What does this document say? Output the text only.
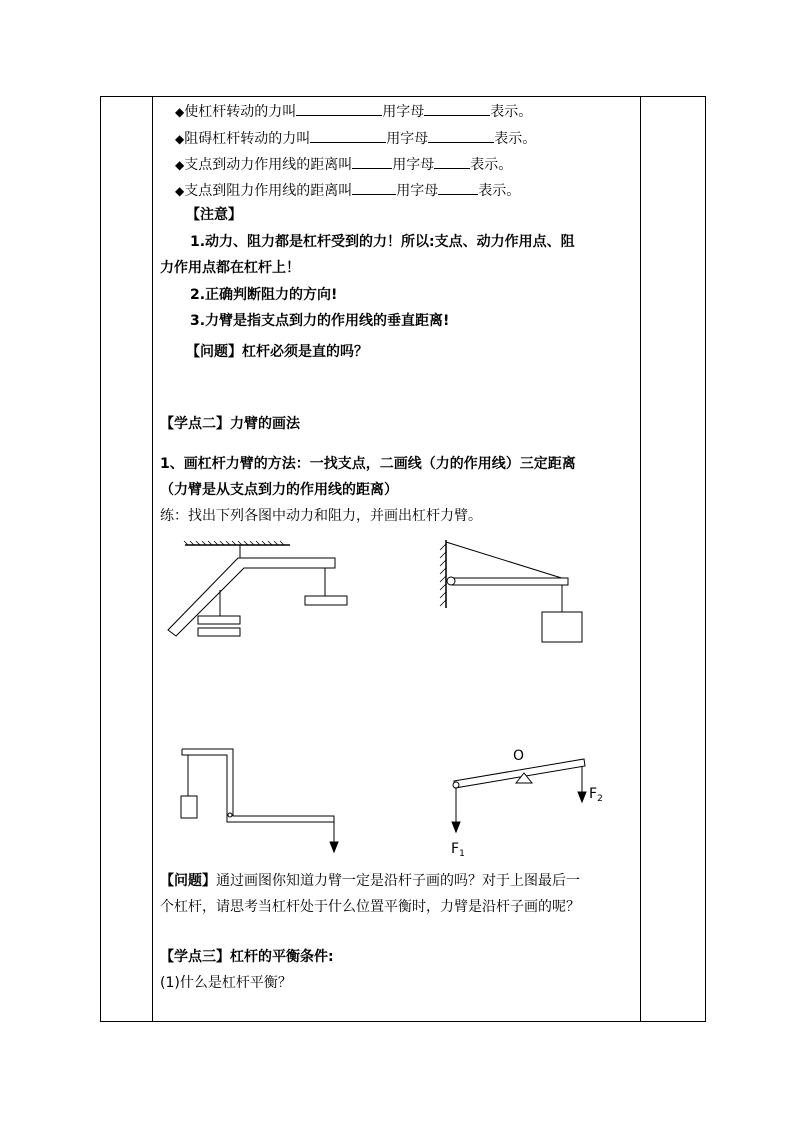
◆使杠杆转动的力叫	用字母	表示。
◆阻碍杠杆转动的力叫	用字母	表示。
◆支点到动力作用线的距离叫	用字母	表示。
◆支点到阻力作用线的距离叫	用字母	表示。
【注意】
1.动力、阻力都是杠杆受到的力！所以:支点、动力作用点、阻
力作用点都在杠杆上！
2.正确判断阻力的方向!
3.力臂是指支点到力的作用线的垂直距离!
【问题】杠杆必须是直的吗？
【学点二】力臂的画法
1、画杠杆力臂的方法：一找支点，二画线（力的作用线）三定距离
（力臂是从支点到力的作用线的距离）
练：找出下列各图中动力和阻力，并画出杠杆力臂。
O
$F_1$
$F_2$
【问题】通过画图你知道力臂一定是沿杆子画的吗？对于上图最后一
个杠杆，请思考当杠杆处于什么位置平衡时，力臂是沿杆子画的呢？
【学点三】杠杆的平衡条件:
(1)什么是杠杆平衡？
